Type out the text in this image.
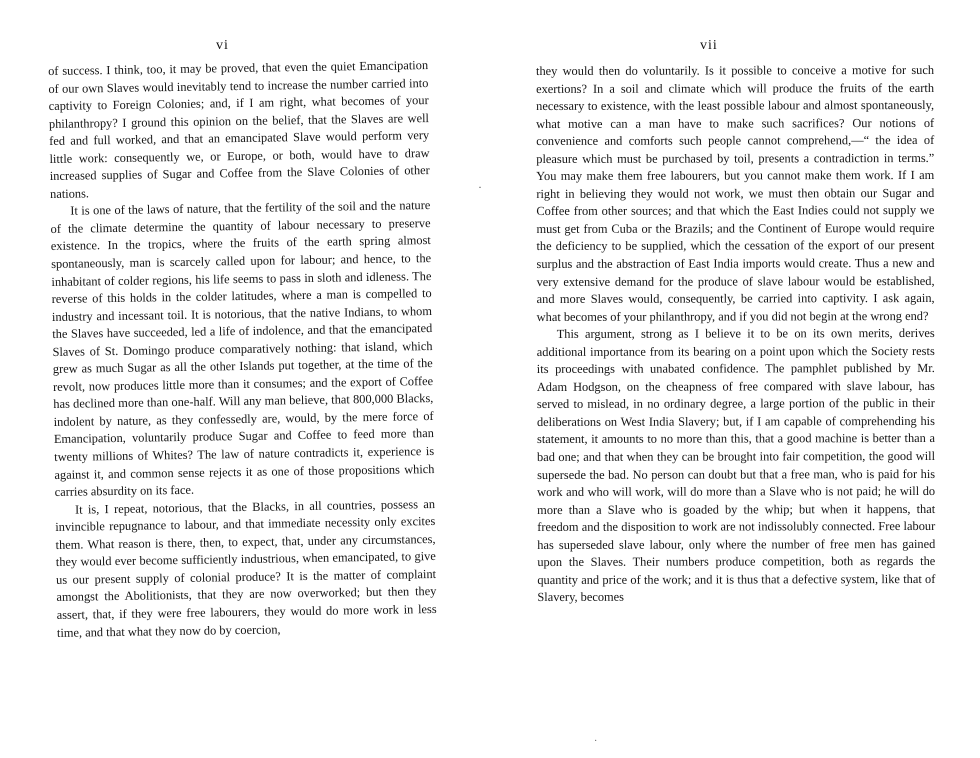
vi

of success. I think, too, it may be proved, that even the quiet Emancipation of our own Slaves would inevitably tend to increase the number carried into captivity to Foreign Colonies; and, if I am right, what becomes of your philanthropy? I ground this opinion on the belief, that the Slaves are well fed and full worked, and that an emancipated Slave would perform very little work: consequently we, or Europe, or both, would have to draw increased supplies of Sugar and Coffee from the Slave Colonies of other nations.

It is one of the laws of nature, that the fertility of the soil and the nature of the climate determine the quantity of labour necessary to preserve existence. In the tropics, where the fruits of the earth spring almost spontaneously, man is scarcely called upon for labour; and hence, to the inhabitant of colder regions, his life seems to pass in sloth and idleness. The reverse of this holds in the colder latitudes, where a man is compelled to industry and incessant toil. It is notorious, that the native Indians, to whom the Slaves have succeeded, led a life of indolence, and that the emancipated Slaves of St. Domingo produce comparatively nothing: that island, which grew as much Sugar as all the other Islands put together, at the time of the revolt, now produces little more than it consumes; and the export of Coffee has declined more than one-half. Will any man believe, that 800,000 Blacks, indolent by nature, as they confessedly are, would, by the mere force of Emancipation, voluntarily produce Sugar and Coffee to feed more than twenty millions of Whites? The law of nature contradicts it, experience is against it, and common sense rejects it as one of those propositions which carries absurdity on its face.

It is, I repeat, notorious, that the Blacks, in all countries, possess an invincible repugnance to labour, and that immediate necessity only excites them. What reason is there, then, to expect, that, under any circumstances, they would ever become sufficiently industrious, when emancipated, to give us our present supply of colonial produce? It is the matter of complaint amongst the Abolitionists, that they are now overworked; but then they assert, that, if they were free labourers, they would do more work in less time, and that what they now do by coercion,

·
vii

they would then do voluntarily. Is it possible to conceive a motive for such exertions? In a soil and climate which will produce the fruits of the earth necessary to existence, with the least possible labour and almost spontaneously, what motive can a man have to make such sacrifices? Our notions of convenience and comforts such people cannot comprehend,—“ the idea of pleasure which must be purchased by toil, presents a contradiction in terms.” You may make them free labourers, but you cannot make them work. If I am right in believing they would not work, we must then obtain our Sugar and Coffee from other sources; and that which the East Indies could not supply we must get from Cuba or the Brazils; and the Continent of Europe would require the deficiency to be supplied, which the cessation of the export of our present surplus and the abstraction of East India imports would create. Thus a new and very extensive demand for the produce of slave labour would be established, and more Slaves would, consequently, be carried into captivity. I ask again, what becomes of your philanthropy, and if you did not begin at the wrong end?

This argument, strong as I believe it to be on its own merits, derives additional importance from its bearing on a point upon which the Society rests its proceedings with unabated confidence. The pamphlet published by Mr. Adam Hodgson, on the cheapness of free compared with slave labour, has served to mislead, in no ordinary degree, a large portion of the public in their deliberations on West India Slavery; but, if I am capable of comprehending his statement, it amounts to no more than this, that a good machine is better than a bad one; and that when they can be brought into fair competition, the good will supersede the bad. No person can doubt but that a free man, who is paid for his work and who will work, will do more than a Slave who is not paid; he will do more than a Slave who is goaded by the whip; but when it happens, that freedom and the disposition to work are not indissolubly connected. Free labour has superseded slave labour, only where the number of free men has gained upon the Slaves. Their numbers produce competition, both as regards the quantity and price of the work; and it is thus that a defective system, like that of Slavery, becomes

·
